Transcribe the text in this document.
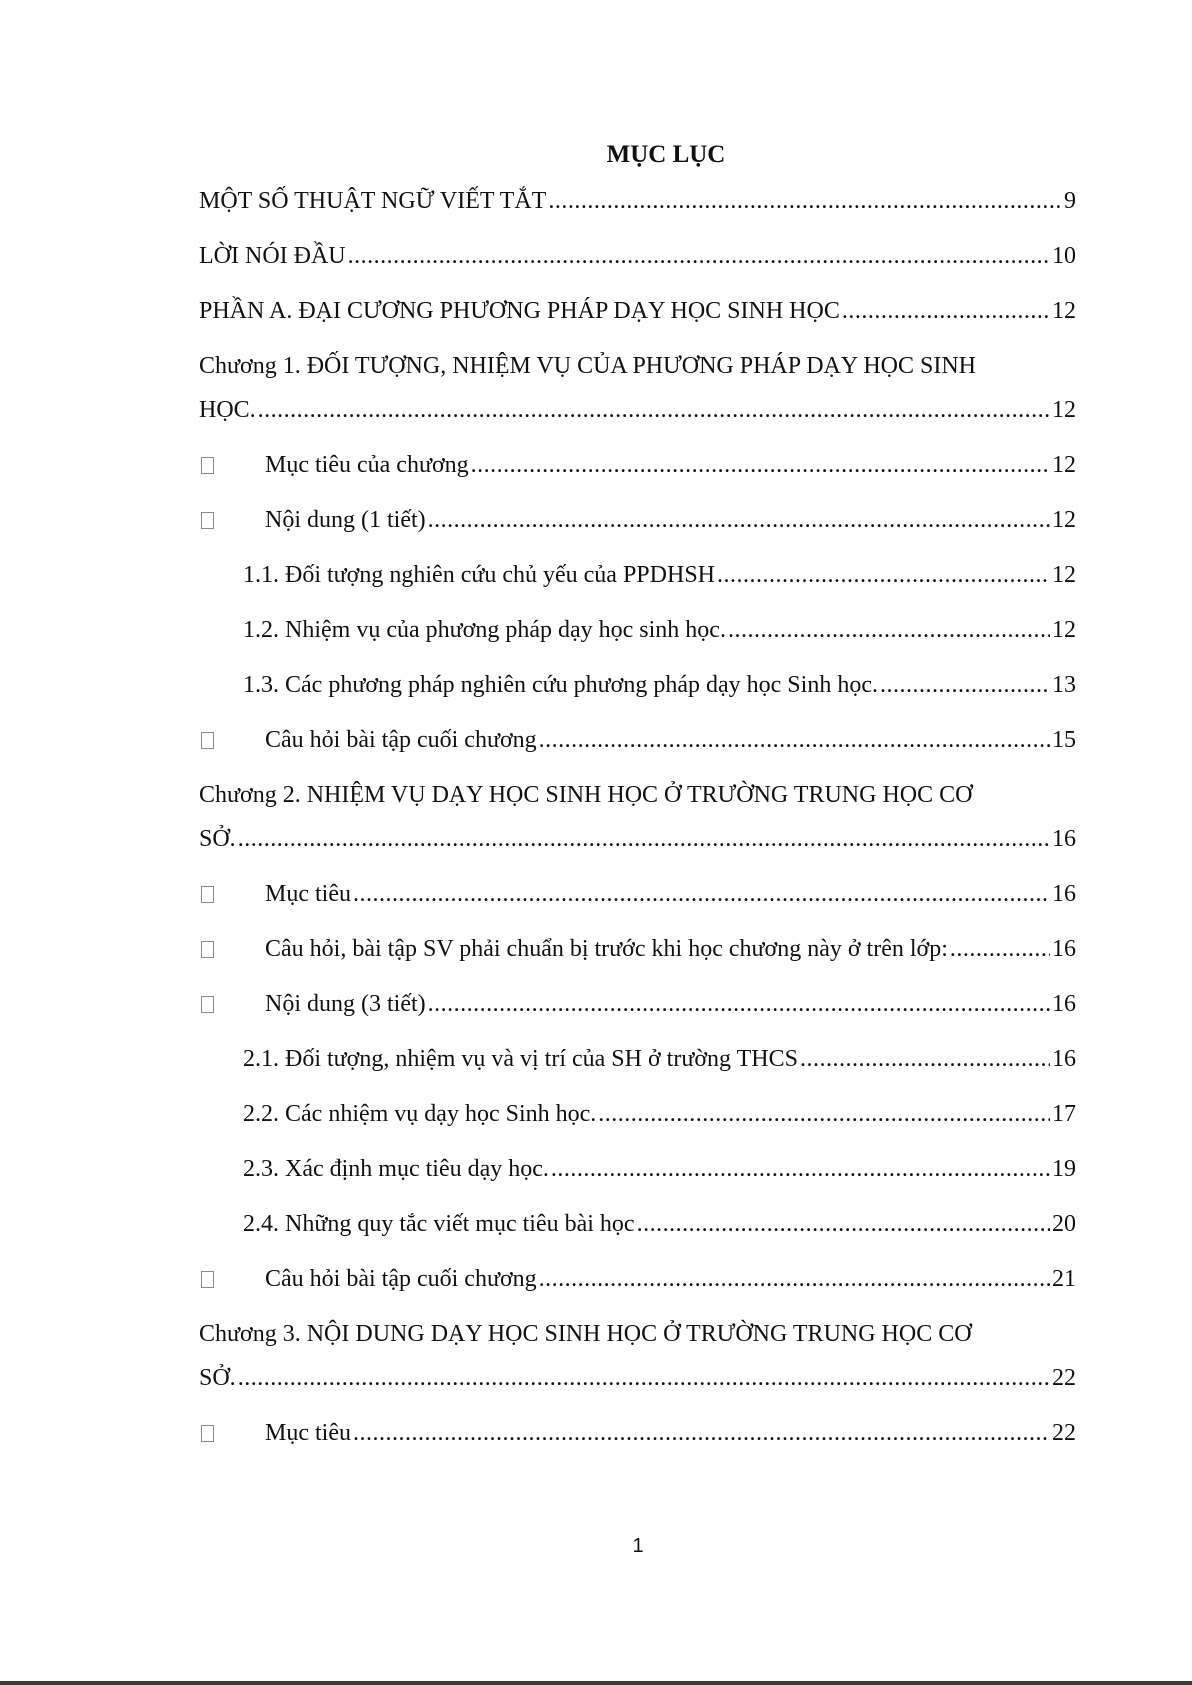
MỤC LỤC
MỘT SỐ THUẬT NGỮ VIẾT TẮT .....	9
LỜI NÓI ĐẦU .....	10
PHẦN A. ĐẠI CƯƠNG PHƯƠNG PHÁP DẠY HỌC SINH HỌC .....	12
Chương 1. ĐỐI TƯỢNG, NHIỆM VỤ CỦA PHƯƠNG PHÁP DẠY HỌC SINH
HỌC. .....	12
Mục tiêu của chương .....	12
Nội dung (1 tiết) .....	12
1.1. Đối tượng nghiên cứu chủ yếu của PPDHSH .....	12
1.2. Nhiệm vụ của phương pháp dạy học sinh học. .....	12
1.3. Các phương pháp nghiên cứu phương pháp dạy học Sinh học. .....	13
Câu hỏi bài tập cuối chương .....	15
Chương 2. NHIỆM VỤ DẠY HỌC SINH HỌC Ở TRƯỜNG TRUNG HỌC CƠ
SỞ. .....	16
Mục tiêu .....	16
Câu hỏi, bài tập SV phải chuẩn bị trước khi học chương này ở trên lớp: .....	16
Nội dung (3 tiết) .....	16
2.1. Đối tượng, nhiệm vụ và vị trí của SH ở trường THCS .....	16
2.2. Các nhiệm vụ dạy học Sinh học. .....	17
2.3. Xác định mục tiêu dạy học. .....	19
2.4. Những quy tắc viết mục tiêu bài học .....	20
Câu hỏi bài tập cuối chương .....	21
Chương 3. NỘI DUNG DẠY HỌC SINH HỌC Ở TRƯỜNG TRUNG HỌC CƠ
SỞ. .....	22
Mục tiêu .....	22
1
